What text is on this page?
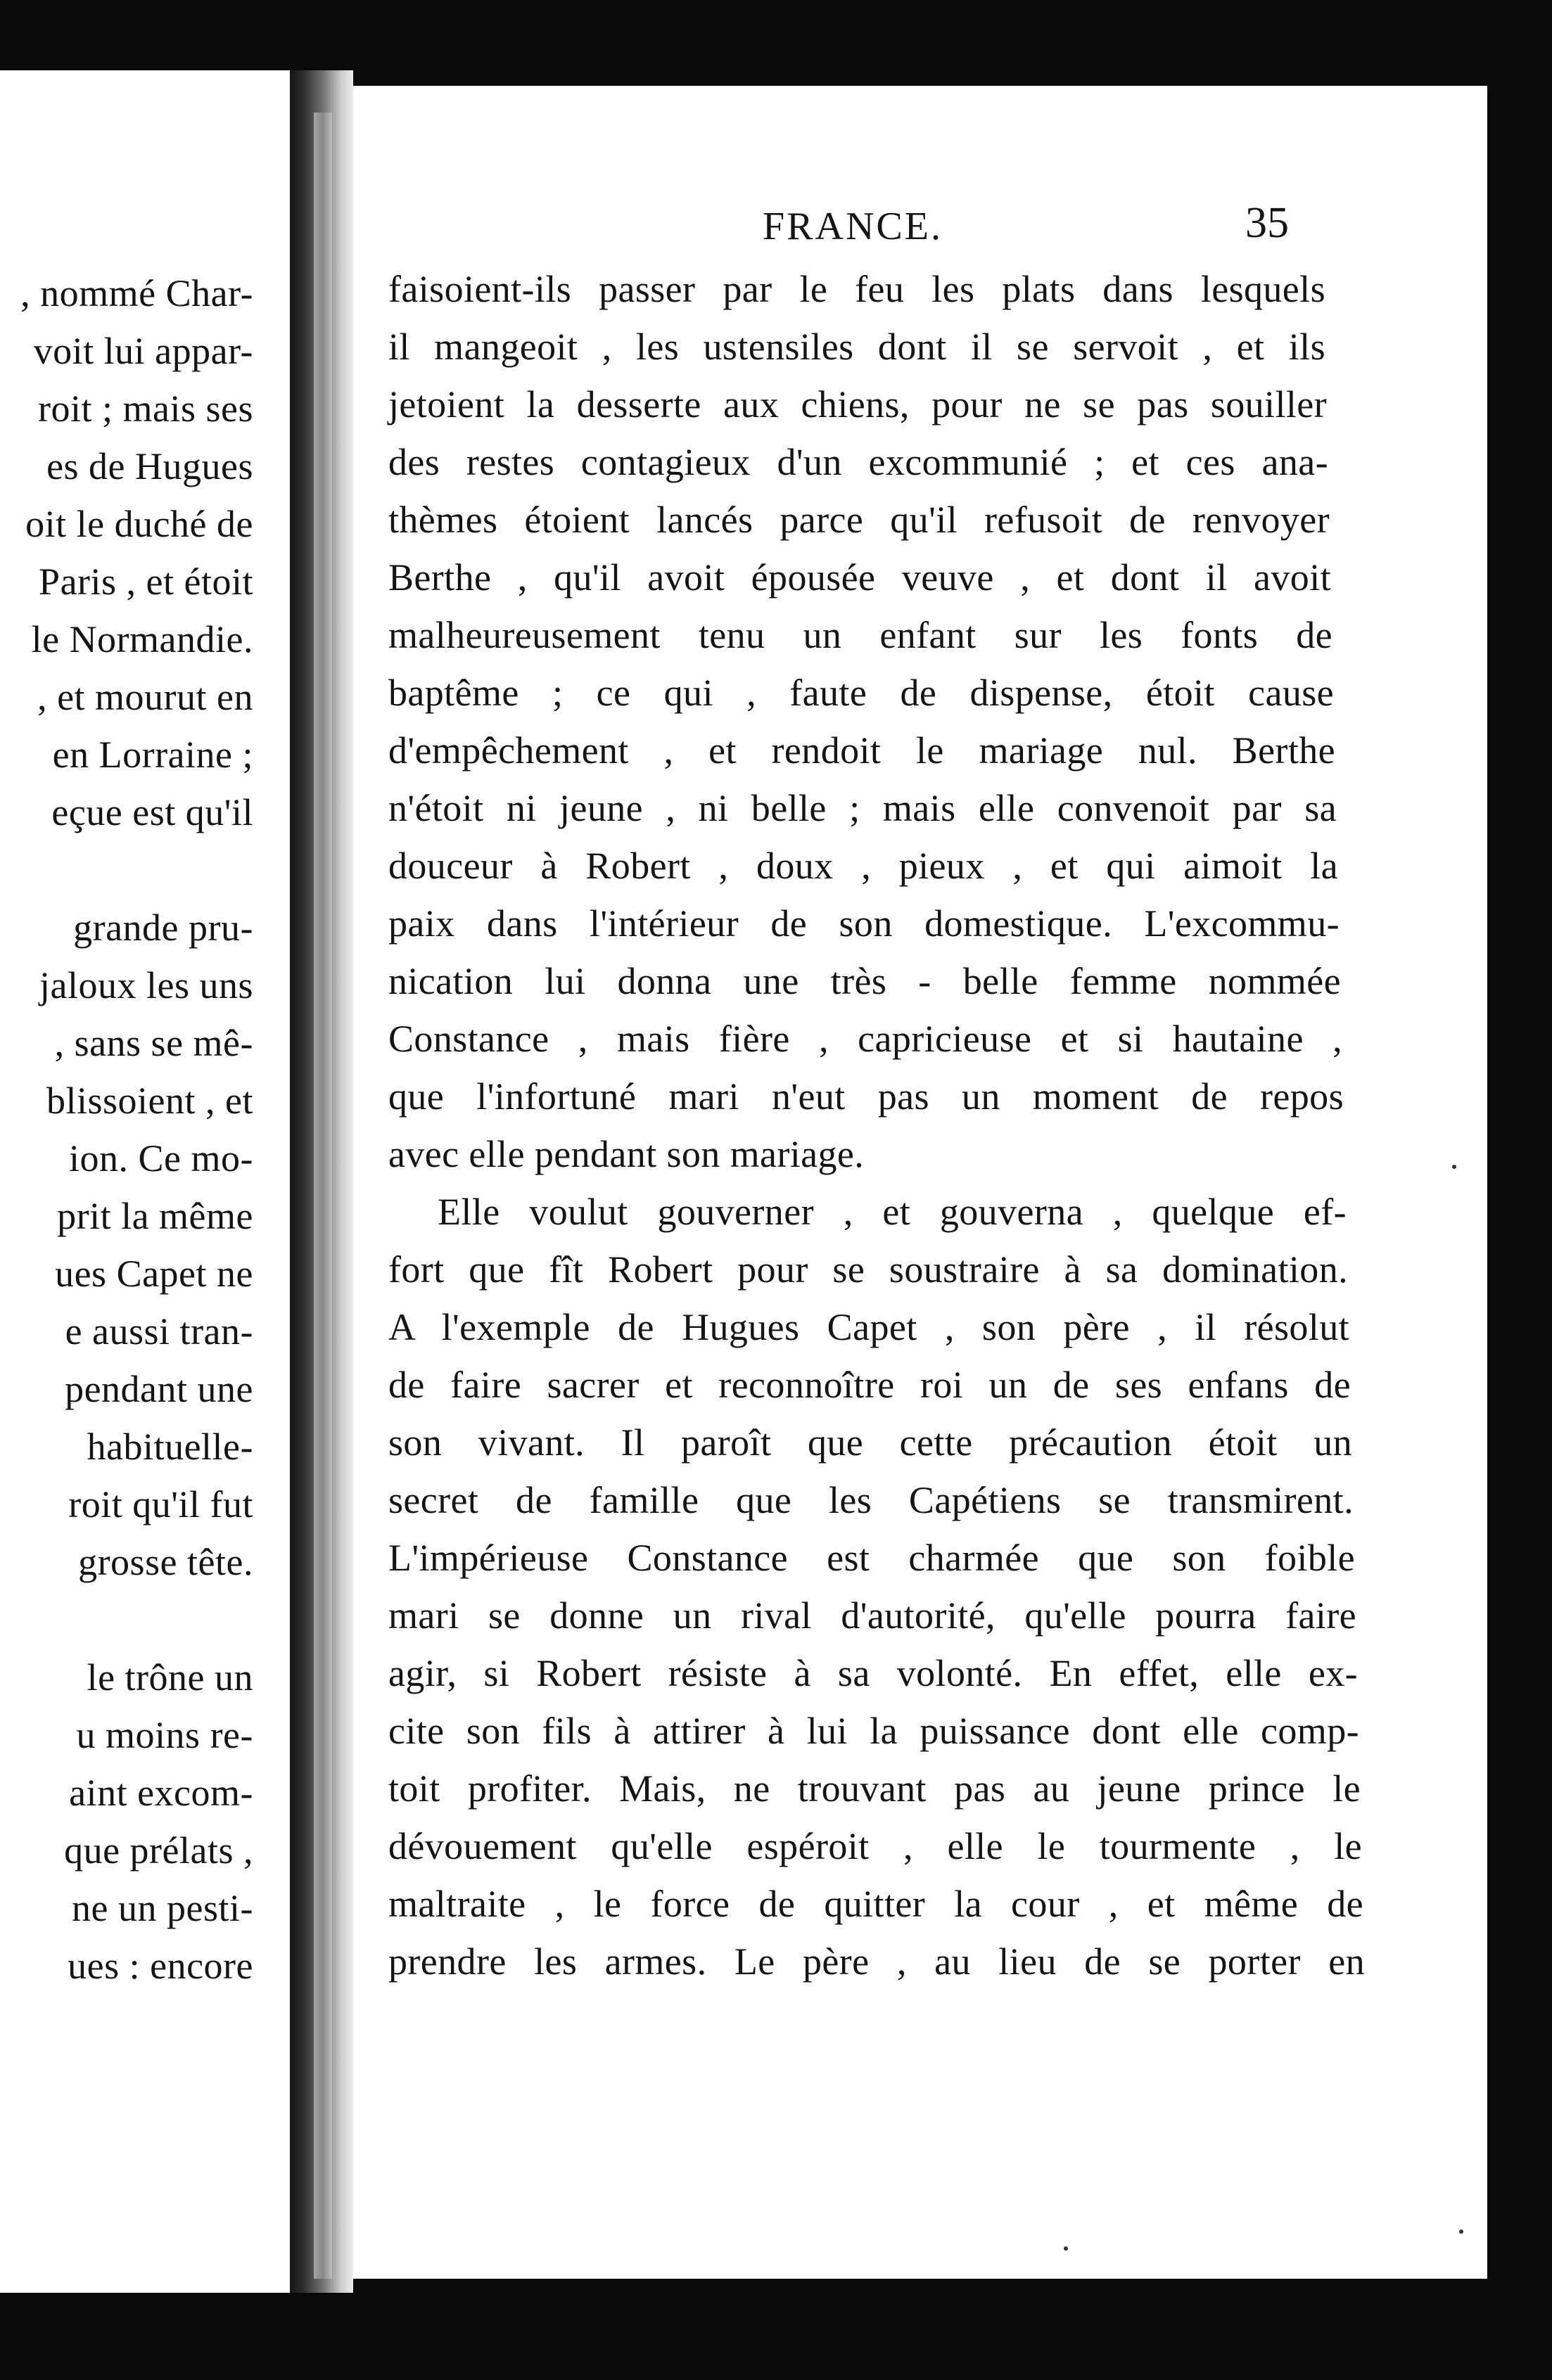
, nommé Char-
voit lui appar-
roit ; mais ses
es de Hugues
oit le duché de
Paris , et étoit
le Normandie.
, et mourut en
en Lorraine ;
eçue est qu'il
grande pru-
jaloux les uns
, sans se mê-
blissoient , et
ion. Ce mo-
prit la même
ues Capet ne
e aussi tran-
pendant une
habituelle-
roit qu'il fut
grosse tête.
le trône un
u moins re-
aint excom-
que prélats ,
ne un pesti-
ues : encore
FRANCE.	35
faisoient-ils passer par le feu les plats dans lesquels
il mangeoit , les ustensiles dont il se servoit , et ils
jetoient la desserte aux chiens, pour ne se pas souiller
des restes contagieux d'un excommunié ; et ces ana-
thèmes étoient lancés parce qu'il refusoit de renvoyer
Berthe , qu'il avoit épousée veuve , et dont il avoit
malheureusement tenu un enfant sur les fonts de
baptême ; ce qui , faute de dispense, étoit cause
d'empêchement , et rendoit le mariage nul. Berthe
n'étoit ni jeune , ni belle ; mais elle convenoit par sa
douceur à Robert , doux , pieux , et qui aimoit la
paix dans l'intérieur de son domestique. L'excommu-
nication lui donna une très - belle femme nommée
Constance , mais fière , capricieuse et si hautaine ,
que l'infortuné mari n'eut pas un moment de repos
avec elle pendant son mariage.
Elle voulut gouverner , et gouverna , quelque ef-
fort que fît Robert pour se soustraire à sa domination.
A l'exemple de Hugues Capet , son père , il résolut
de faire sacrer et reconnoître roi un de ses enfans de
son vivant. Il paroît que cette précaution étoit un
secret de famille que les Capétiens se transmirent.
L'impérieuse Constance est charmée que son foible
mari se donne un rival d'autorité, qu'elle pourra faire
agir, si Robert résiste à sa volonté. En effet, elle ex-
cite son fils à attirer à lui la puissance dont elle comp-
toit profiter. Mais, ne trouvant pas au jeune prince le
dévouement qu'elle espéroit , elle le tourmente , le
maltraite , le force de quitter la cour , et même de
prendre les armes. Le père , au lieu de se porter en
